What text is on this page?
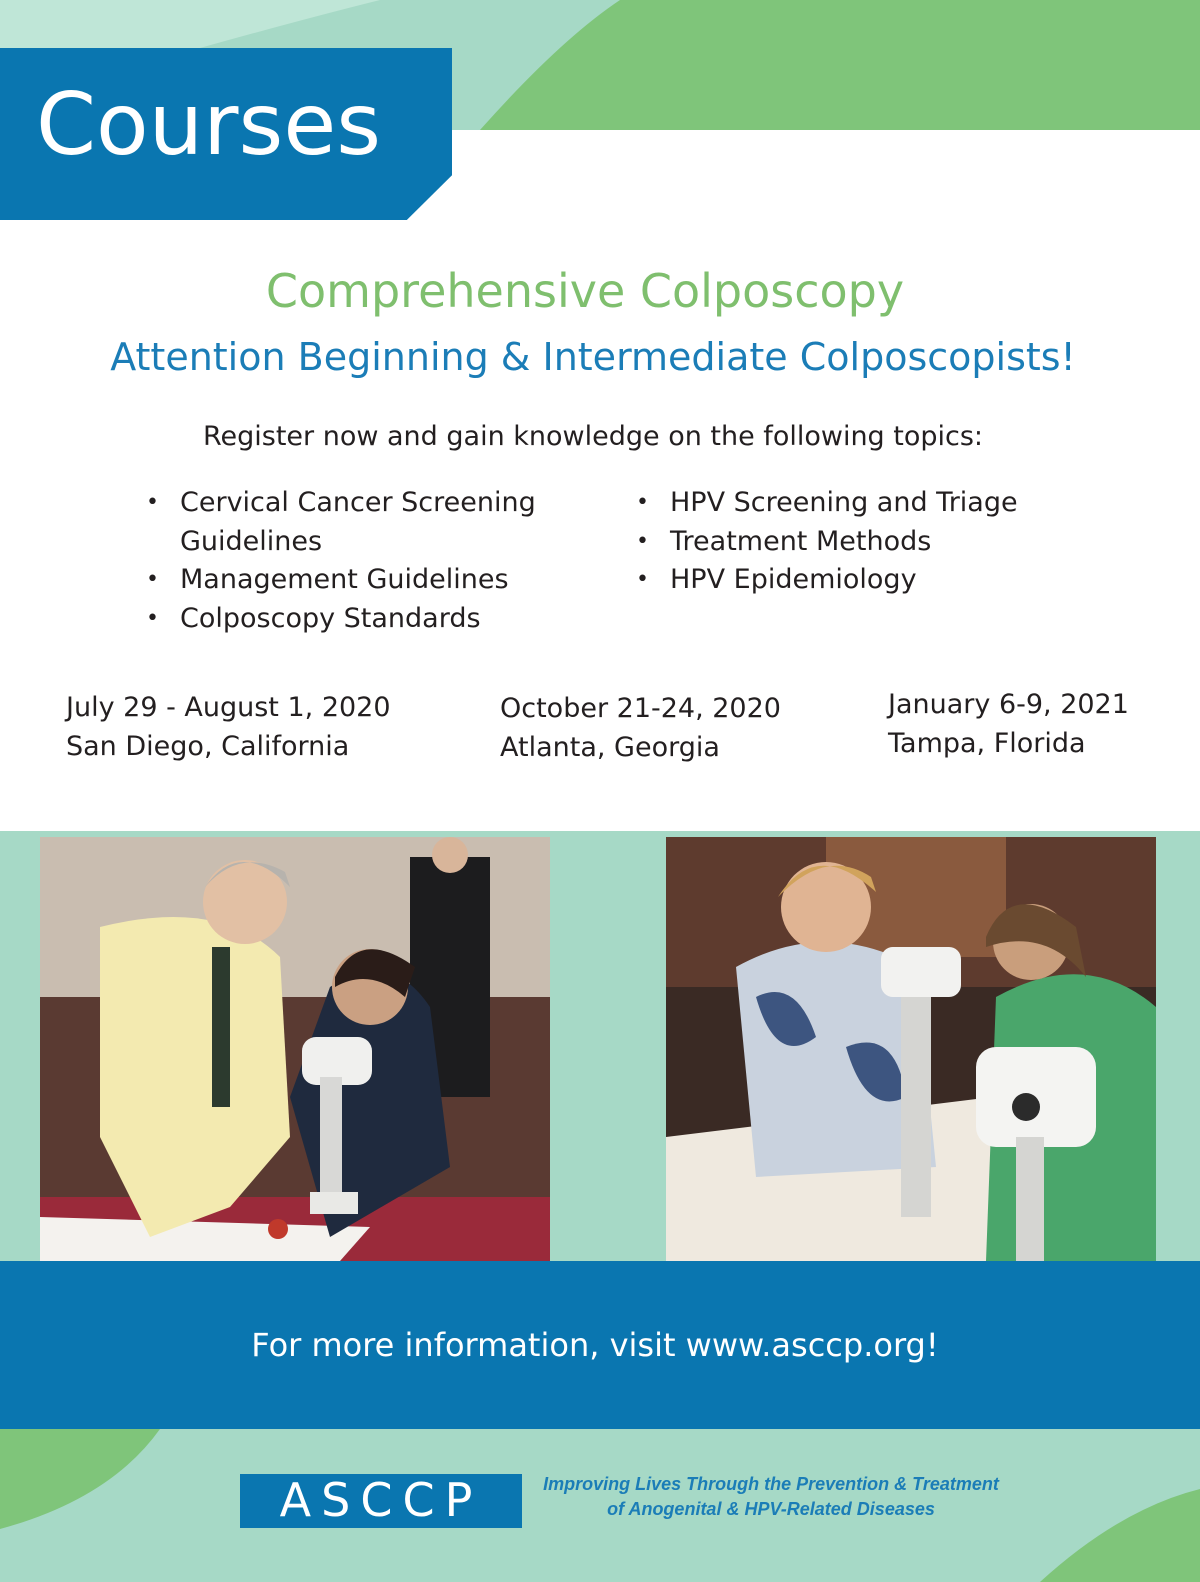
Courses
Comprehensive Colposcopy
Attention Beginning & Intermediate Colposcopists!
Register now and gain knowledge on the following topics:
• Cervical Cancer Screening Guidelines
• Management Guidelines
• Colposcopy Standards
• HPV Screening and Triage
• Treatment Methods
• HPV Epidemiology
July 29 - August 1, 2020
San Diego, California
October 21-24, 2020
Atlanta, Georgia
January 6-9, 2021
Tampa, Florida
For more information, visit www.asccp.org!
ASCCP	Improving Lives Through the Prevention & Treatment
of Anogenital & HPV-Related Diseases
